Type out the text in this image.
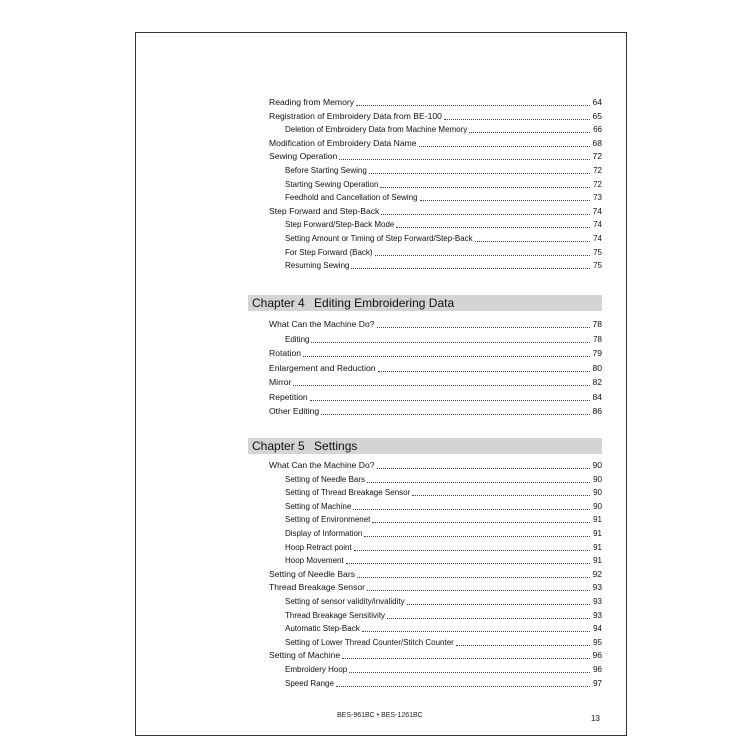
Reading from Memory	64
Registration of Embroidery Data from BE-100	65
Deletion of Embroidery Data from Machine Memory	66
Modification of Embroidery Data Name	68
Sewing Operation	72
Before Starting Sewing	72
Starting Sewing Operation	72
Feedhold and Cancellation of Sewing	73
Step Forward and Step-Back	74
Step Forward/Step-Back Mode	74
Setting Amount or Timing of Step Forward/Step-Back	74
For Step Forward (Back)	75
Resuming Sewing	75
Chapter 4 Editing Embroidering Data
What Can the Machine Do?	78
Editing	78
Rotation	79
Enlargement and Reduction	80
Mirror	82
Repetition	84
Other Editing	86
Chapter 5 Settings
What Can the Machine Do?	90
Setting of Needle Bars	90
Setting of Thread Breakage Sensor	90
Setting of Machine	90
Setting of Environmenet	91
Display of Information	91
Hoop Retract point	91
Hoop Movement	91
Setting of Needle Bars	92
Thread Breakage Sensor	93
Setting of sensor validity/invalidity	93
Thread Breakage Sensitivity	93
Automatic Step-Back	94
Setting of Lower Thread Counter/Stitch Counter	95
Setting of Machine	96
Embroidery Hoop	96
Speed Range	97
BES-961BC • BES-1261BC	13
